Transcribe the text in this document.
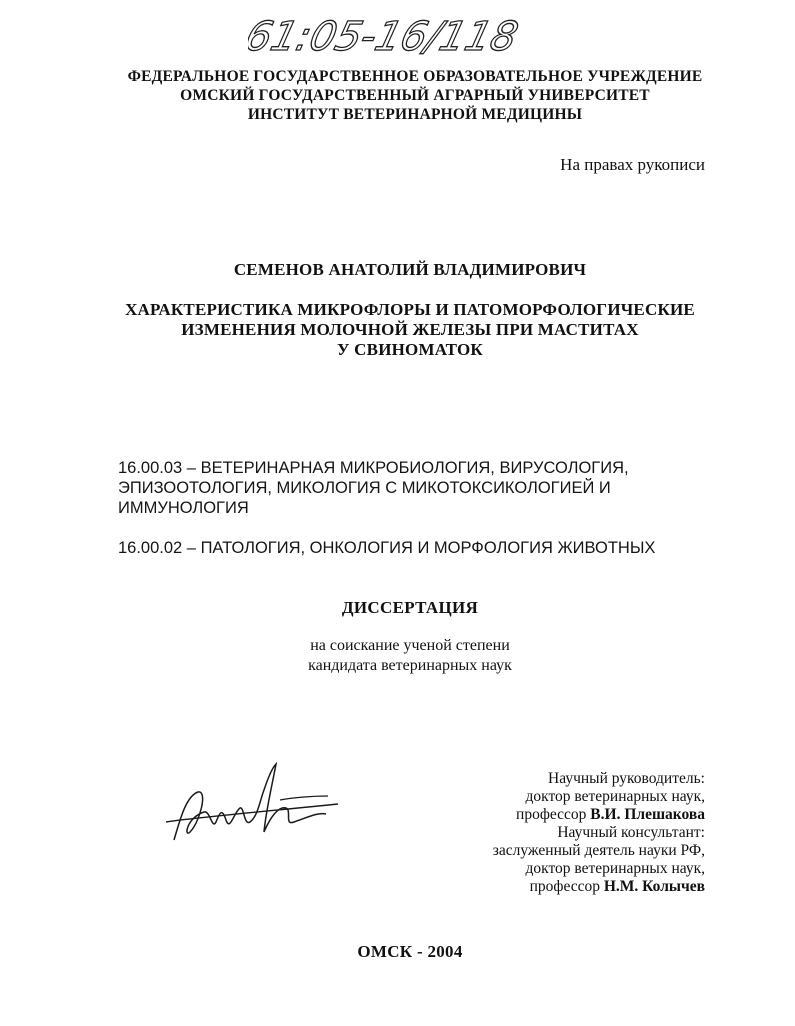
61:05-16/118
ФЕДЕРАЛЬНОЕ ГОСУДАРСТВЕННОЕ ОБРАЗОВАТЕЛЬНОЕ УЧРЕЖДЕНИЕ
ОМСКИЙ ГОСУДАРСТВЕННЫЙ АГРАРНЫЙ УНИВЕРСИТЕТ
ИНСТИТУТ ВЕТЕРИНАРНОЙ МЕДИЦИНЫ
На правах рукописи
СЕМЕНОВ АНАТОЛИЙ ВЛАДИМИРОВИЧ
ХАРАКТЕРИСТИКА МИКРОФЛОРЫ И ПАТОМОРФОЛОГИЧЕСКИЕ
ИЗМЕНЕНИЯ МОЛОЧНОЙ ЖЕЛЕЗЫ ПРИ МАСТИТАХ
У СВИНОМАТОК
16.00.03 – ВЕТЕРИНАРНАЯ МИКРОБИОЛОГИЯ, ВИРУСОЛОГИЯ,
ЭПИЗООТОЛОГИЯ, МИКОЛОГИЯ С МИКОТОКСИКОЛОГИЕЙ И
ИММУНОЛОГИЯ
16.00.02 – ПАТОЛОГИЯ, ОНКОЛОГИЯ И МОРФОЛОГИЯ ЖИВОТНЫХ
ДИССЕРТАЦИЯ
на соискание ученой степени
кандидата ветеринарных наук
Научный руководитель:
доктор ветеринарных наук,
профессор В.И. Плешакова
Научный консультант:
заслуженный деятель науки РФ,
доктор ветеринарных наук,
профессор Н.М. Колычев
ОМСК - 2004
